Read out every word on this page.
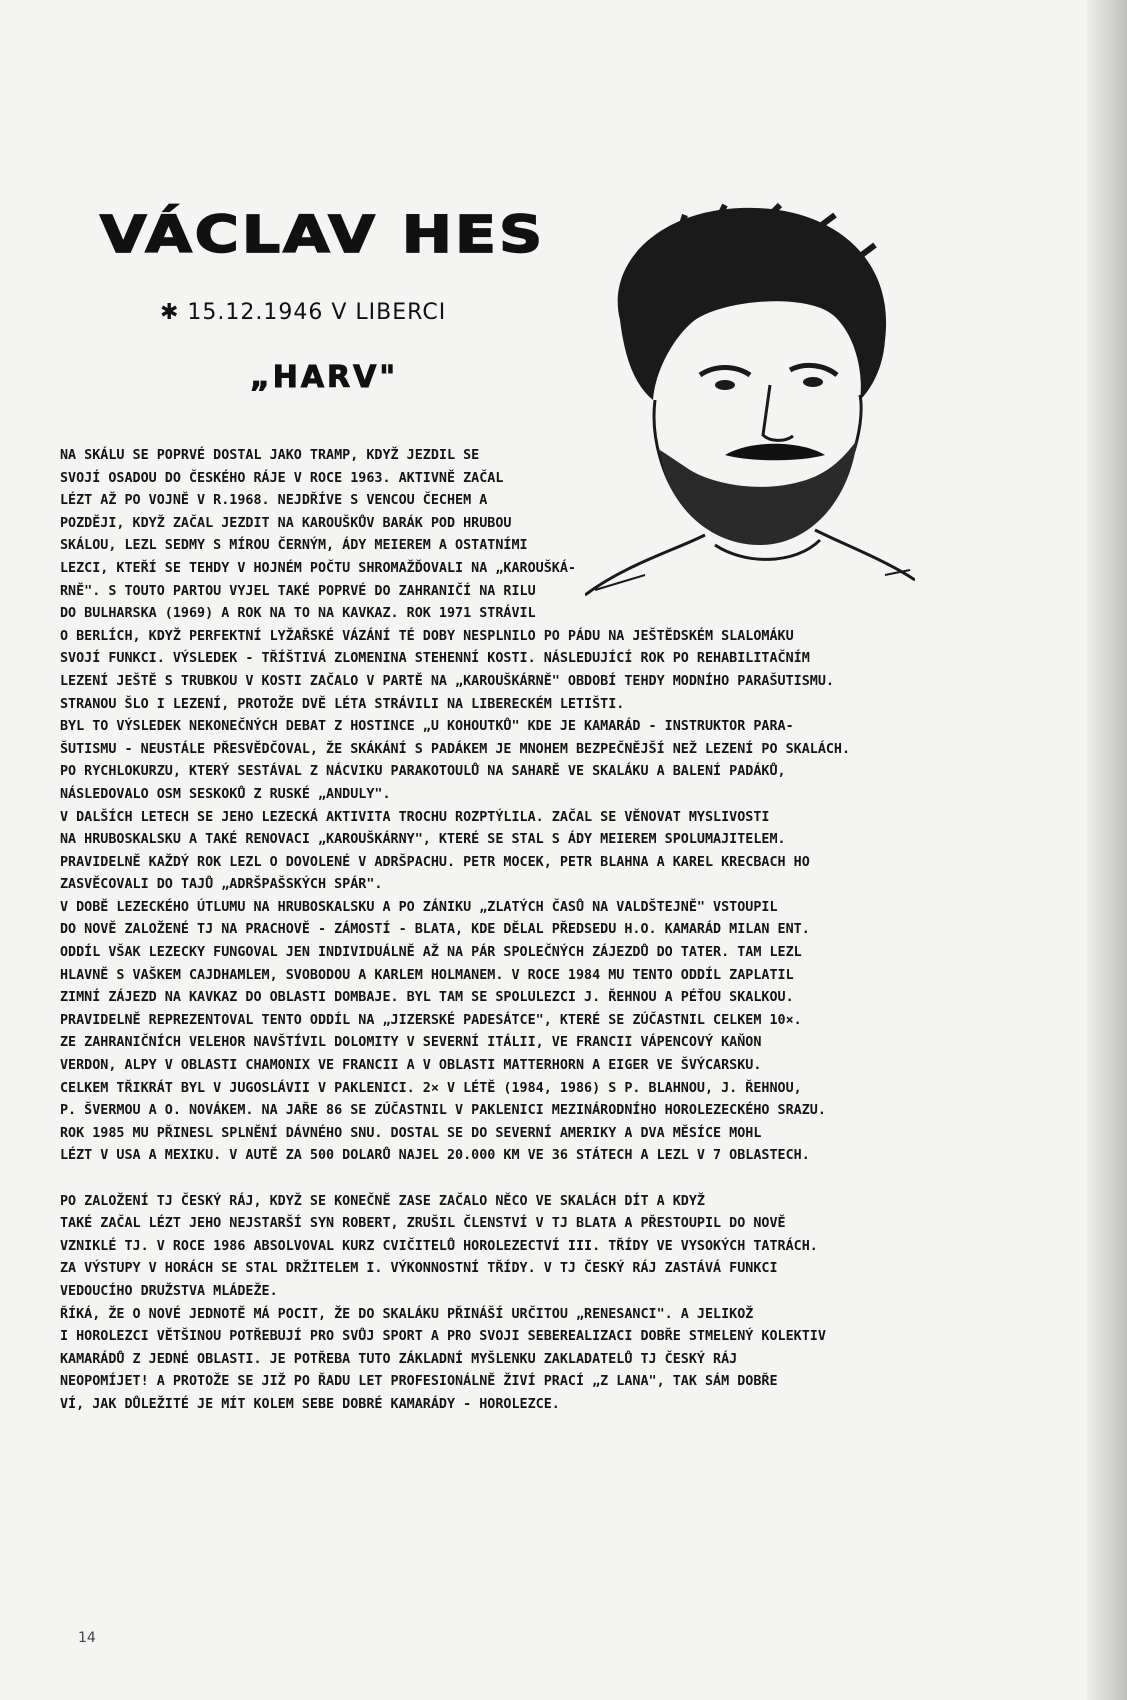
VÁCLAV HES
✱ 15.12.1946 V LIBERCI
„HARV"
NA SKÁLU SE POPRVÉ DOSTAL JAKO TRAMP, KDYŽ JEZDIL SE
SVOJÍ OSADOU DO ČESKÉHO RÁJE V ROCE 1963. AKTIVNĚ ZAČAL
LÉZT AŽ PO VOJNĚ V R.1968. NEJDŘÍVE S VENCOU ČECHEM A
POZDĚJI, KDYŽ ZAČAL JEZDIT NA KAROUŠKŮV BARÁK POD HRUBOU
SKÁLOU, LEZL SEDMY S MÍROU ČERNÝM, ÁDY MEIEREM A OSTATNÍMI
LEZCI, KTEŘÍ SE TEHDY V HOJNÉM POČTU SHROMAŽĎOVALI NA „KAROUŠKÁ-
RNĚ". S TOUTO PARTOU VYJEL TAKÉ POPRVÉ DO ZAHRANIČÍ NA RILU
DO BULHARSKA (1969) A ROK NA TO NA KAVKAZ. ROK 1971 STRÁVIL
O BERLÍCH, KDYŽ PERFEKTNÍ LYŽAŘSKÉ VÁZÁNÍ TÉ DOBY NESPLNILO PO PÁDU NA JEŠTĚDSKÉM SLALOMÁKU
SVOJÍ FUNKCI. VÝSLEDEK - TŘÍŠTIVÁ ZLOMENINA STEHENNÍ KOSTI. NÁSLEDUJÍCÍ ROK PO REHABILITAČNÍM
LEZENÍ JEŠTĚ S TRUBKOU V KOSTI ZAČALO V PARTĚ NA „KAROUŠKÁRNĚ" OBDOBÍ TEHDY MODNÍHO PARAŠUTISMU.
STRANOU ŠLO I LEZENÍ, PROTOŽE DVĚ LÉTA STRÁVILI NA LIBERECKÉM LETIŠTI.
BYL TO VÝSLEDEK NEKONEČNÝCH DEBAT Z HOSTINCE „U KOHOUTKŮ" KDE JE KAMARÁD - INSTRUKTOR PARA-
ŠUTISMU - NEUSTÁLE PŘESVĚDČOVAL, ŽE SKÁKÁNÍ S PADÁKEM JE MNOHEM BEZPEČNĚJŠÍ NEŽ LEZENÍ PO SKALÁCH.
PO RYCHLOKURZU, KTERÝ SESTÁVAL Z NÁCVIKU PARAKOTOULŮ NA SAHARĚ VE SKALÁKU A BALENÍ PADÁKŮ,
NÁSLEDOVALO OSM SESKOKŮ Z RUSKÉ „ANDULY".
V DALŠÍCH LETECH SE JEHO LEZECKÁ AKTIVITA TROCHU ROZPTÝLILA. ZAČAL SE VĚNOVAT MYSLIVOSTI
NA HRUBOSKALSKU A TAKÉ RENOVACI „KAROUŠKÁRNY", KTERÉ SE STAL S ÁDY MEIEREM SPOLUMAJITELEM.
PRAVIDELNĚ KAŽDÝ ROK LEZL O DOVOLENÉ V ADRŠPACHU. PETR MOCEK, PETR BLAHNA A KAREL KRECBACH HO
ZASVĚCOVALI DO TAJŮ „ADRŠPAŠSKÝCH SPÁR".
V DOBĚ LEZECKÉHO ÚTLUMU NA HRUBOSKALSKU A PO ZÁNIKU „ZLATÝCH ČASŮ NA VALDŠTEJNĚ" VSTOUPIL
DO NOVĚ ZALOŽENÉ TJ NA PRACHOVĚ - ZÁMOSTÍ - BLATA, KDE DĚLAL PŘEDSEDU H.O. KAMARÁD MILAN ENT.
ODDÍL VŠAK LEZECKY FUNGOVAL JEN INDIVIDUÁLNĚ AŽ NA PÁR SPOLEČNÝCH ZÁJEZDŮ DO TATER. TAM LEZL
HLAVNĚ S VAŠKEM CAJDHAMLEM, SVOBODOU A KARLEM HOLMANEM. V ROCE 1984 MU TENTO ODDÍL ZAPLATIL
ZIMNÍ ZÁJEZD NA KAVKAZ DO OBLASTI DOMBAJE. BYL TAM SE SPOLULEZCI J. ŘEHNOU A PÉŤOU SKALKOU.
PRAVIDELNĚ REPREZENTOVAL TENTO ODDÍL NA „JIZERSKÉ PADESÁTCE", KTERÉ SE ZÚČASTNIL CELKEM 10×.
ZE ZAHRANIČNÍCH VELEHOR NAVŠTÍVIL DOLOMITY V SEVERNÍ ITÁLII, VE FRANCII VÁPENCOVÝ KAŇON
VERDON, ALPY V OBLASTI CHAMONIX VE FRANCII A V OBLASTI MATTERHORN A EIGER VE ŠVÝCARSKU.
CELKEM TŘIKRÁT BYL V JUGOSLÁVII V PAKLENICI. 2× V LÉTĚ (1984, 1986) S P. BLAHNOU, J. ŘEHNOU,
P. ŠVERMOU A O. NOVÁKEM. NA JAŘE 86 SE ZÚČASTNIL V PAKLENICI MEZINÁRODNÍHO HOROLEZECKÉHO SRAZU.
ROK 1985 MU PŘINESL SPLNĚNÍ DÁVNÉHO SNU. DOSTAL SE DO SEVERNÍ AMERIKY A DVA MĚSÍCE MOHL
LÉZT V USA A MEXIKU. V AUTĚ ZA 500 DOLARŮ NAJEL 20.000 KM VE 36 STÁTECH A LEZL V 7 OBLASTECH.
PO ZALOŽENÍ TJ ČESKÝ RÁJ, KDYŽ SE KONEČNĚ ZASE ZAČALO NĚCO VE SKALÁCH DÍT A KDYŽ
TAKÉ ZAČAL LÉZT JEHO NEJSTARŠÍ SYN ROBERT, ZRUŠIL ČLENSTVÍ V TJ BLATA A PŘESTOUPIL DO NOVĚ
VZNIKLÉ TJ. V ROCE 1986 ABSOLVOVAL KURZ CVIČITELŮ HOROLEZECTVÍ III. TŘÍDY VE VYSOKÝCH TATRÁCH.
ZA VÝSTUPY V HORÁCH SE STAL DRŽITELEM I. VÝKONNOSTNÍ TŘÍDY. V TJ ČESKÝ RÁJ ZASTÁVÁ FUNKCI
VEDOUCÍHO DRUŽSTVA MLÁDEŽE.
ŘÍKÁ, ŽE O NOVÉ JEDNOTĚ MÁ POCIT, ŽE DO SKALÁKU PŘINÁŠÍ URČITOU „RENESANCI". A JELIKOŽ
I HOROLEZCI VĚTŠINOU POTŘEBUJÍ PRO SVŮJ SPORT A PRO SVOJI SEBEREALIZACI DOBŘE STMELENÝ KOLEKTIV
KAMARÁDŮ Z JEDNÉ OBLASTI. JE POTŘEBA TUTO ZÁKLADNÍ MYŠLENKU ZAKLADATELŮ TJ ČESKÝ RÁJ
NEOPOMÍJET! A PROTOŽE SE JIŽ PO ŘADU LET PROFESIONÁLNĚ ŽIVÍ PRACÍ „Z LANA", TAK SÁM DOBŘE
VÍ, JAK DŮLEŽITÉ JE MÍT KOLEM SEBE DOBRÉ KAMARÁDY - HOROLEZCE.
14
